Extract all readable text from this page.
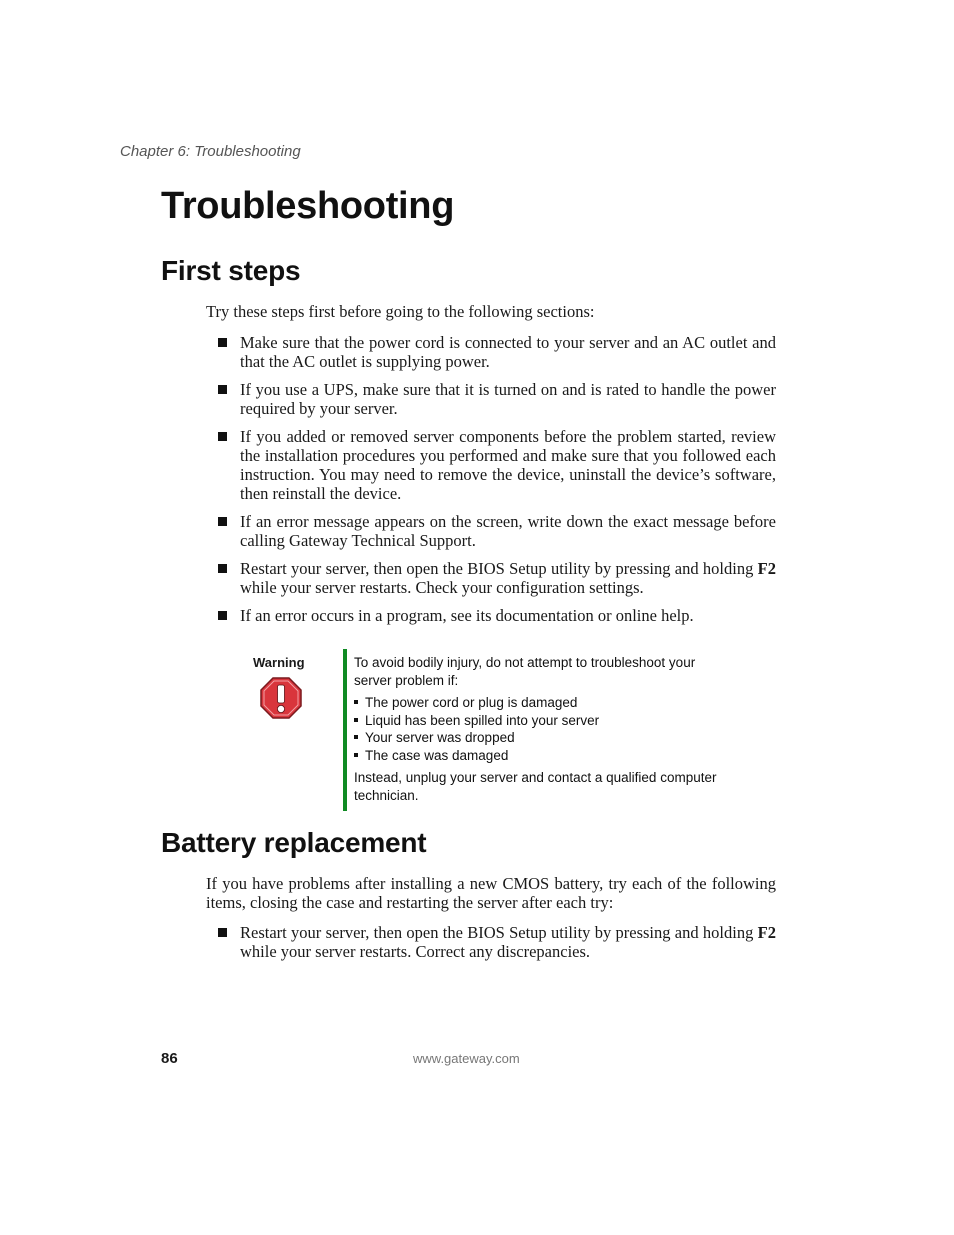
Chapter 6: Troubleshooting
Troubleshooting
First steps

Try these steps first before going to the following sections:

Make sure that the power cord is connected to your server and an AC outlet and that the AC outlet is supplying power.
If you use a UPS, make sure that it is turned on and is rated to handle the power required by your server.
If you added or removed server components before the problem started, review the installation procedures you performed and make sure that you followed each instruction. You may need to remove the device, uninstall the device’s software, then reinstall the device.
If an error message appears on the screen, write down the exact message before calling Gateway Technical Support.
Restart your server, then open the BIOS Setup utility by pressing and holding F2 while your server restarts. Check your configuration settings.
If an error occurs in a program, see its documentation or online help.
Warning	To avoid bodily injury, do not attempt to troubleshoot your server problem if:

The power cord or plug is damaged
Liquid has been spilled into your server
Your server was dropped
The case was damaged

Instead, unplug your server and contact a qualified computer technician.

Battery replacement

If you have problems after installing a new CMOS battery, try each of the following items, closing the case and restarting the server after each try:

Restart your server, then open the BIOS Setup utility by pressing and holding F2 while your server restarts. Correct any discrepancies.
86	www.gateway.com
